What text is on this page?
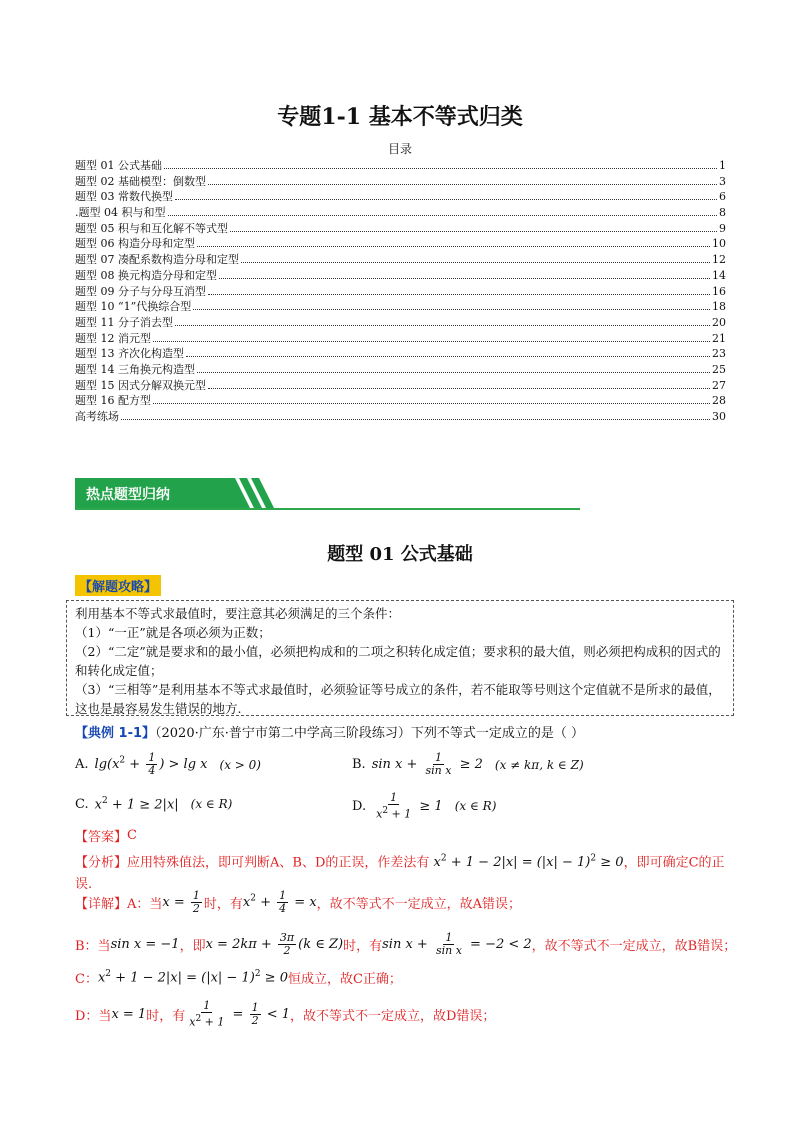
专题1-1 基本不等式归类
目录
题型 01 公式基础	1
题型 02 基础模型：倒数型	3
题型 03 常数代换型	6
.题型 04 积与和型	8
题型 05 积与和互化解不等式型	9
题型 06 构造分母和定型	10
题型 07 凑配系数构造分母和定型	12
题型 08 换元构造分母和定型	14
题型 09 分子与分母互消型	16
题型 10 “1”代换综合型	18
题型 11 分子消去型	20
题型 12 消元型	21
题型 13 齐次化构造型	23
题型 14 三角换元构造型	25
题型 15 因式分解双换元型	27
题型 16 配方型	28
高考练场	30
热点题型归纳
题型 01 公式基础
【解题攻略】

利用基本不等式求最值时，要注意其必须满足的三个条件：

（1）“一正”就是各项必须为正数；

（2）“二定”就是要求和的最小值，必须把构成和的二项之积转化成定值；要求积的最大值，则必须把构成积的因式的和转化成定值；

（3）“三相等”是利用基本不等式求最值时，必须验证等号成立的条件，若不能取等号则这个定值就不是所求的最值，这也是最容易发生错误的地方.

【典例 1-1】（2020·广东·普宁市第二中学高三阶段练习）下列不等式一定成立的是（ ）
A. $\lg(x^2 + \frac{1}{4}$ ) > lg x (x > 0)	B. $\sin x + \frac{1}{\text{sin x}} \ge 2$ (x ≠ kπ, k ∈ Z)
C. $x^2 + 1 \ge 2|x|$ (x ∈ R)	D. $\frac{1}{x^2 + 1} \ge 1$ (x ∈ R)
【答案】 C
【分析】应用特殊值法，即可判断A、B、D的正误，作差法有 $x^2 + 1 - 2|x| = (|x| - 1)^2 \ge 0$，即可确定C的正误.
【详解】 A：当 $x = \frac{1}{2}$ 时，有 $x^2 + \frac{1}{4} = x$ ，故不等式不一定成立，故A错误；
B：当 sin x = −1 ，即 $x = 2k\pi + \frac{3\pi}{2} (k$ ∈ Z) 时，有 $\sin x + \frac{1}{\text{sin x}} = -2 < 2$ ，故不等式不一定成立，故B错误；
C： $x^2 + 1 - 2|x| = (|x| - 1)^2 \ge 0$ 恒成立，故C正确；
D：当 x = 1 时，有 $\frac{1}{x^2 + 1} = \frac{1}{2} < 1$ ，故不等式不一定成立，故D错误；
